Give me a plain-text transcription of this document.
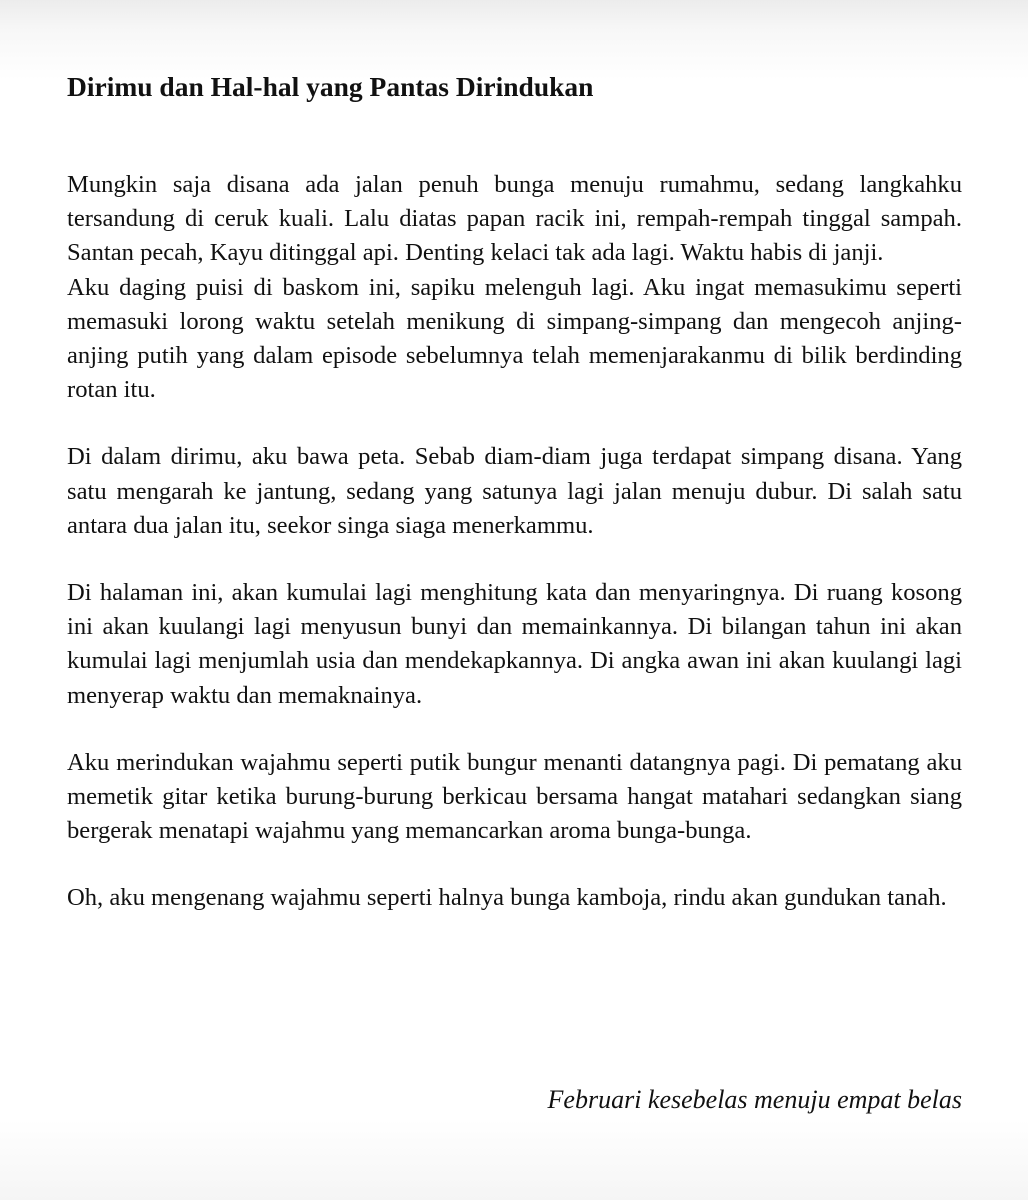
Dirimu dan Hal-hal yang Pantas Dirindukan

Mungkin saja disana ada jalan penuh bunga menuju rumahmu, sedang langkahku tersandung di ceruk kuali. Lalu diatas papan racik ini, rempah-rempah tinggal sampah. Santan pecah, Kayu ditinggal api. Denting kelaci tak ada lagi. Waktu habis di janji.

Aku daging puisi di baskom ini, sapiku melenguh lagi. Aku ingat memasukimu seperti memasuki lorong waktu setelah menikung di simpang-simpang dan mengecoh anjing-anjing putih yang dalam episode sebelumnya telah memenjarakanmu di bilik berdinding rotan itu.

Di dalam dirimu, aku bawa peta. Sebab diam-diam juga terdapat simpang disana. Yang satu mengarah ke jantung, sedang yang satunya lagi jalan menuju dubur. Di salah satu antara dua jalan itu, seekor singa siaga menerkammu.

Di halaman ini, akan kumulai lagi menghitung kata dan menyaringnya. Di ruang kosong ini akan kuulangi lagi menyusun bunyi dan memainkannya. Di bilangan tahun ini akan kumulai lagi menjumlah usia dan mendekapkannya. Di angka awan ini akan kuulangi lagi menyerap waktu dan memaknainya.

Aku merindukan wajahmu seperti putik bungur menanti datangnya pagi. Di pematang aku memetik gitar ketika burung-burung berkicau bersama hangat matahari sedangkan siang bergerak menatapi wajahmu yang memancarkan aroma bunga-bunga.

Oh, aku mengenang wajahmu seperti halnya bunga kamboja, rindu akan gundukan tanah.

Februari kesebelas menuju empat belas
